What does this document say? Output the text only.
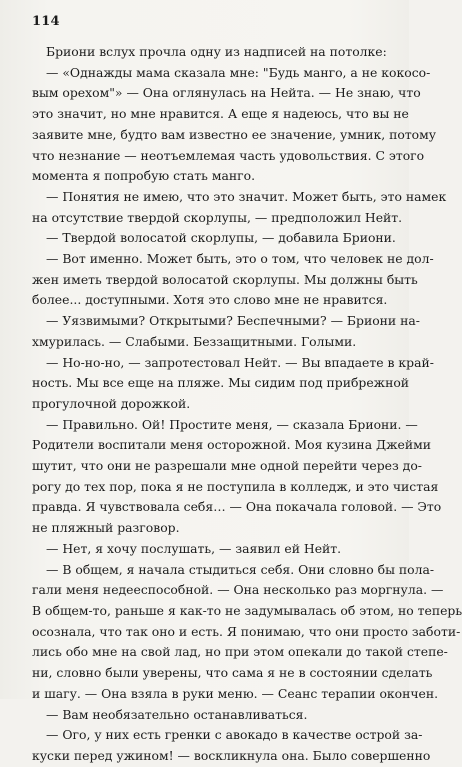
114
Бриони вслух прочла одну из надписей на потолке:
— «Однажды мама сказала мне: "Будь манго, а не кокосо-
вым орехом"» — Она оглянулась на Нейта. — Не знаю, что
это значит, но мне нравится. А еще я надеюсь, что вы не
заявите мне, будто вам известно ее значение, умник, потому
что незнание — неотъемлемая часть удовольствия. С этого
момента я попробую стать манго.
— Понятия не имею, что это значит. Может быть, это намек
на отсутствие твердой скорлупы, — предположил Нейт.
— Твердой волосатой скорлупы, — добавила Бриони.
— Вот именно. Может быть, это о том, что человек не дол-
жен иметь твердой волосатой скорлупы. Мы должны быть
более... доступными. Хотя это слово мне не нравится.
— Уязвимыми? Открытыми? Беспечными? — Бриони на-
хмурилась. — Слабыми. Беззащитными. Голыми.
— Но-но-но, — запротестовал Нейт. — Вы впадаете в край-
ность. Мы все еще на пляже. Мы сидим под прибрежной
прогулочной дорожкой.
— Правильно. Ой! Простите меня, — сказала Бриони. —
Родители воспитали меня осторожной. Моя кузина Джейми
шутит, что они не разрешали мне одной перейти через до-
рогу до тех пор, пока я не поступила в колледж, и это чистая
правда. Я чувствовала себя… — Она покачала головой. — Это
не пляжный разговор.
— Нет, я хочу послушать, — заявил ей Нейт.
— В общем, я начала стыдиться себя. Они словно бы пола-
гали меня недееспособной. — Она несколько раз моргнула. —
В общем-то, раньше я как-то не задумывалась об этом, но теперь
осознала, что так оно и есть. Я понимаю, что они просто заботи-
лись обо мне на свой лад, но при этом опекали до такой степе-
ни, словно были уверены, что сама я не в состоянии сделать
и шагу. — Она взяла в руки меню. — Сеанс терапии окончен.
— Вам необязательно останавливаться.
— Ого, у них есть гренки с авокадо в качестве острой за-
куски перед ужином! — воскликнула она. Было совершенно
